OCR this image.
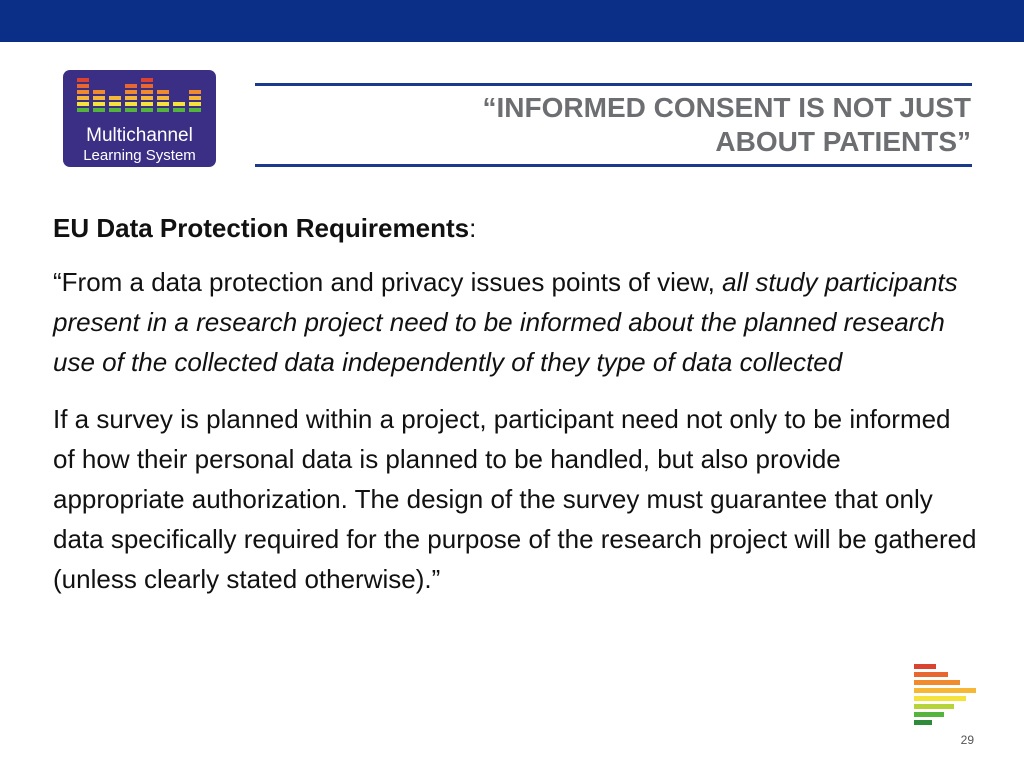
Multichannel
Learning System
“INFORMED CONSENT IS NOT JUST
ABOUT PATIENTS”

EU Data Protection Requirements:

“From a data protection and privacy issues points of view, all study participants present in a research project need to be informed about the planned research use of the collected data independently of they type of data collected

If a survey is planned within a project, participant need not only to be informed of how their personal data is planned to be handled, but also provide appropriate authorization. The design of the survey must guarantee that only data specifically required for the purpose of the research project will be gathered (unless clearly stated otherwise).”

29
